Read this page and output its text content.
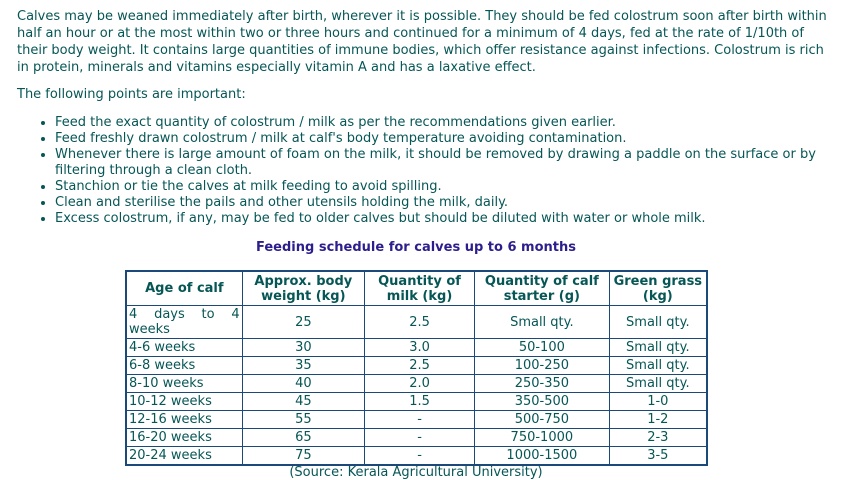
Calves may be weaned immediately after birth, wherever it is possible. They should be fed colostrum soon after birth within half an hour or at the most within two or three hours and continued for a minimum of 4 days, fed at the rate of 1/10th of their body weight. It contains large quantities of immune bodies, which offer resistance against infections. Colostrum is rich in protein, minerals and vitamins especially vitamin A and has a laxative effect.

The following points are important:

• Feed the exact quantity of colostrum / milk as per the recommendations given earlier.
• Feed freshly drawn colostrum / milk at calf's body temperature avoiding contamination.
• Whenever there is large amount of foam on the milk, it should be removed by drawing a paddle on the surface or by filtering through a clean cloth.
• Stanchion or tie the calves at milk feeding to avoid spilling.
• Clean and sterilise the pails and other utensils holding the milk, daily.
• Excess colostrum, if any, may be fed to older calves but should be diluted with water or whole milk.
Feeding schedule for calves up to 6 months
Age of calf	Approx. body weight (kg)	Quantity of milk (kg)	Quantity of calf starter (g)	Green grass (kg)
4 days to 4 weeks	25	2.5	Small qty.	Small qty.
4-6 weeks	30	3.0	50-100	Small qty.
6-8 weeks	35	2.5	100-250	Small qty.
8-10 weeks	40	2.0	250-350	Small qty.
10-12 weeks	45	1.5	350-500	1-0
12-16 weeks	55	-	500-750	1-2
16-20 weeks	65	-	750-1000	2-3
20-24 weeks	75	-	1000-1500	3-5
(Source: Kerala Agricultural University)
